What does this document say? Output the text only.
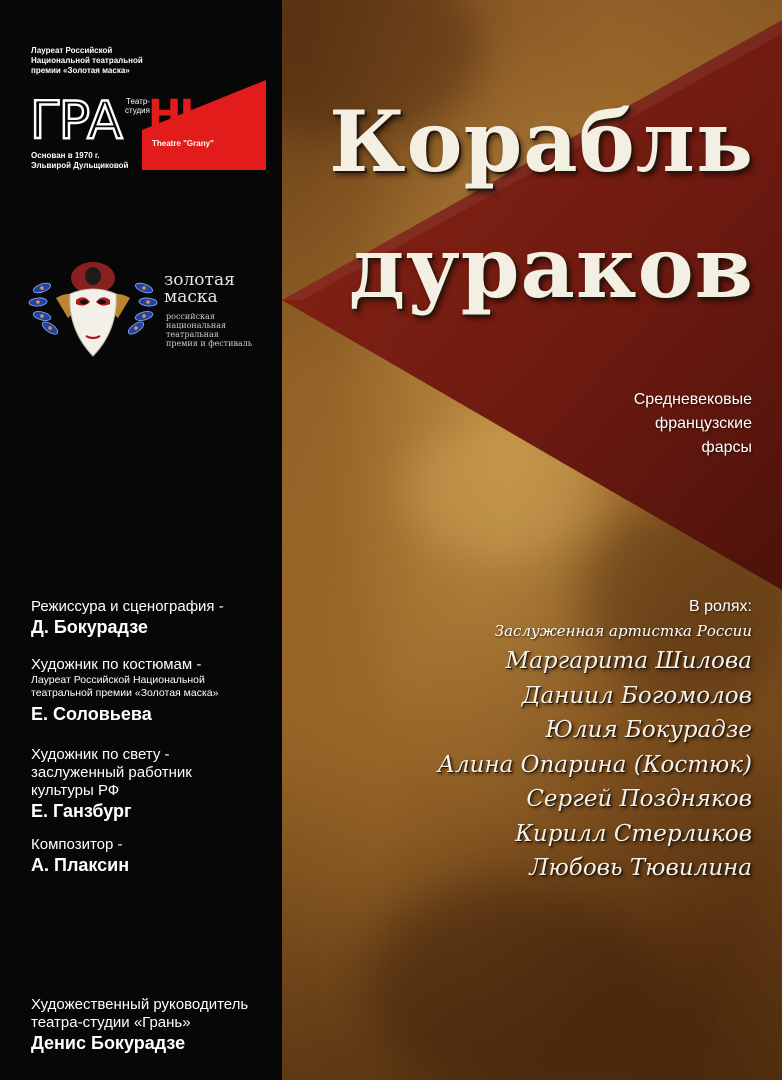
Лауреат Российской
Национальной театральной
премии «Золотая маска»
ГРА НЬ
Театр-
студия
Theatre "Grany"
Основан в 1970 г.
Эльвирой Дульщиковой
золотая
маска
российская
национальная
театральная
премия и фестиваль
Режиссура и сценография -
Д. Бокурадзе
Художник по костюмам -
Лауреат Российской Национальной
театральной премии «Золотая маска»
Е. Соловьева
Художник по свету -
заслуженный работник
культуры РФ
Е. Ганзбург
Композитор -
А. Плаксин
Художественный руководитель
театра-студии «Грань»
Денис Бокурадзе
Корабль
дураков
Средневековые
французские
фарсы
В ролях:
Заслуженная артистка России
Маргарита Шилова
Даниил Богомолов
Юлия Бокурадзе
Алина Опарина (Костюк)
Сергей Поздняков
Кирилл Стерликов
Любовь Тювилина
